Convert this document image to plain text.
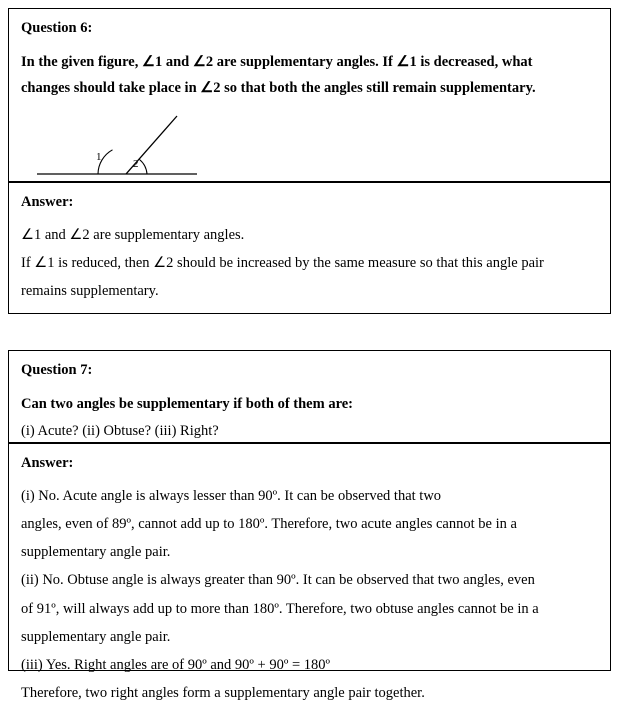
Question 6:

In the given figure, ∠1 and ∠2 are supplementary angles. If ∠1 is decreased, what

changes should take place in ∠2 so that both the angles still remain supplementary.

1
2

Answer:

∠1 and ∠2 are supplementary angles.

If ∠1 is reduced, then ∠2 should be increased by the same measure so that this angle pair

remains supplementary.

Question 7:

Can two angles be supplementary if both of them are:

(i) Acute? (ii) Obtuse? (iii) Right?

Answer:

(i) No. Acute angle is always lesser than 90º. It can be observed that two

angles, even of 89º, cannot add up to 180º. Therefore, two acute angles cannot be in a

supplementary angle pair.

(ii) No. Obtuse angle is always greater than 90º. It can be observed that two angles, even

of 91º, will always add up to more than 180º. Therefore, two obtuse angles cannot be in a

supplementary angle pair.

(iii) Yes. Right angles are of 90º and 90º + 90º = 180º

Therefore, two right angles form a supplementary angle pair together.
